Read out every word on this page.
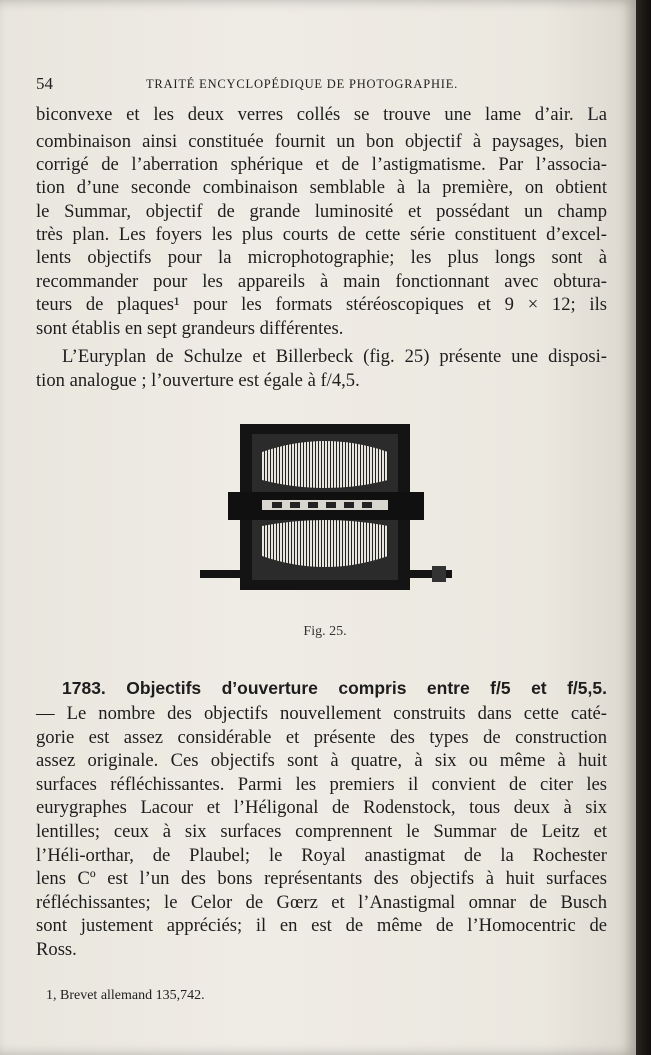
54	TRAITÉ ENCYCLOPÉDIQUE DE PHOTOGRAPHIE.
biconvexe et les deux verres collés se trouve une lame d’air. La
combinaison ainsi constituée fournit un bon objectif à paysages, bien
corrigé de l’aberration sphérique et de l’astigmatisme. Par l’associa-
tion d’une seconde combinaison semblable à la première, on obtient
le Summar, objectif de grande luminosité et possédant un champ
très plan. Les foyers les plus courts de cette série constituent d’excel-
lents objectifs pour la microphotographie; les plus longs sont à
recommander pour les appareils à main fonctionnant avec obtura-
teurs de plaques¹ pour les formats stéréoscopiques et 9 × 12; ils
sont établis en sept grandeurs différentes.
L’Euryplan de Schulze et Billerbeck (fig. 25) présente une disposi-
tion analogue ; l’ouverture est égale à f/4,5.
Fig. 25.
1783. Objectifs d’ouverture compris entre f/5 et f/5,5.
— Le nombre des objectifs nouvellement construits dans cette caté-
gorie est assez considérable et présente des types de construction
assez originale. Ces objectifs sont à quatre, à six ou même à huit
surfaces réfléchissantes. Parmi les premiers il convient de citer les
eurygraphes Lacour et l’Héligonal de Rodenstock, tous deux à six
lentilles; ceux à six surfaces comprennent le Summar de Leitz et
l’Héli-orthar, de Plaubel; le Royal anastigmat de la Rochester
lens Cº est l’un des bons représentants des objectifs à huit surfaces
réfléchissantes; le Celor de Gœrz et l’Anastigmal omnar de Busch
sont justement appréciés; il en est de même de l’Homocentric de
Ross.
1, Brevet allemand 135,742.
